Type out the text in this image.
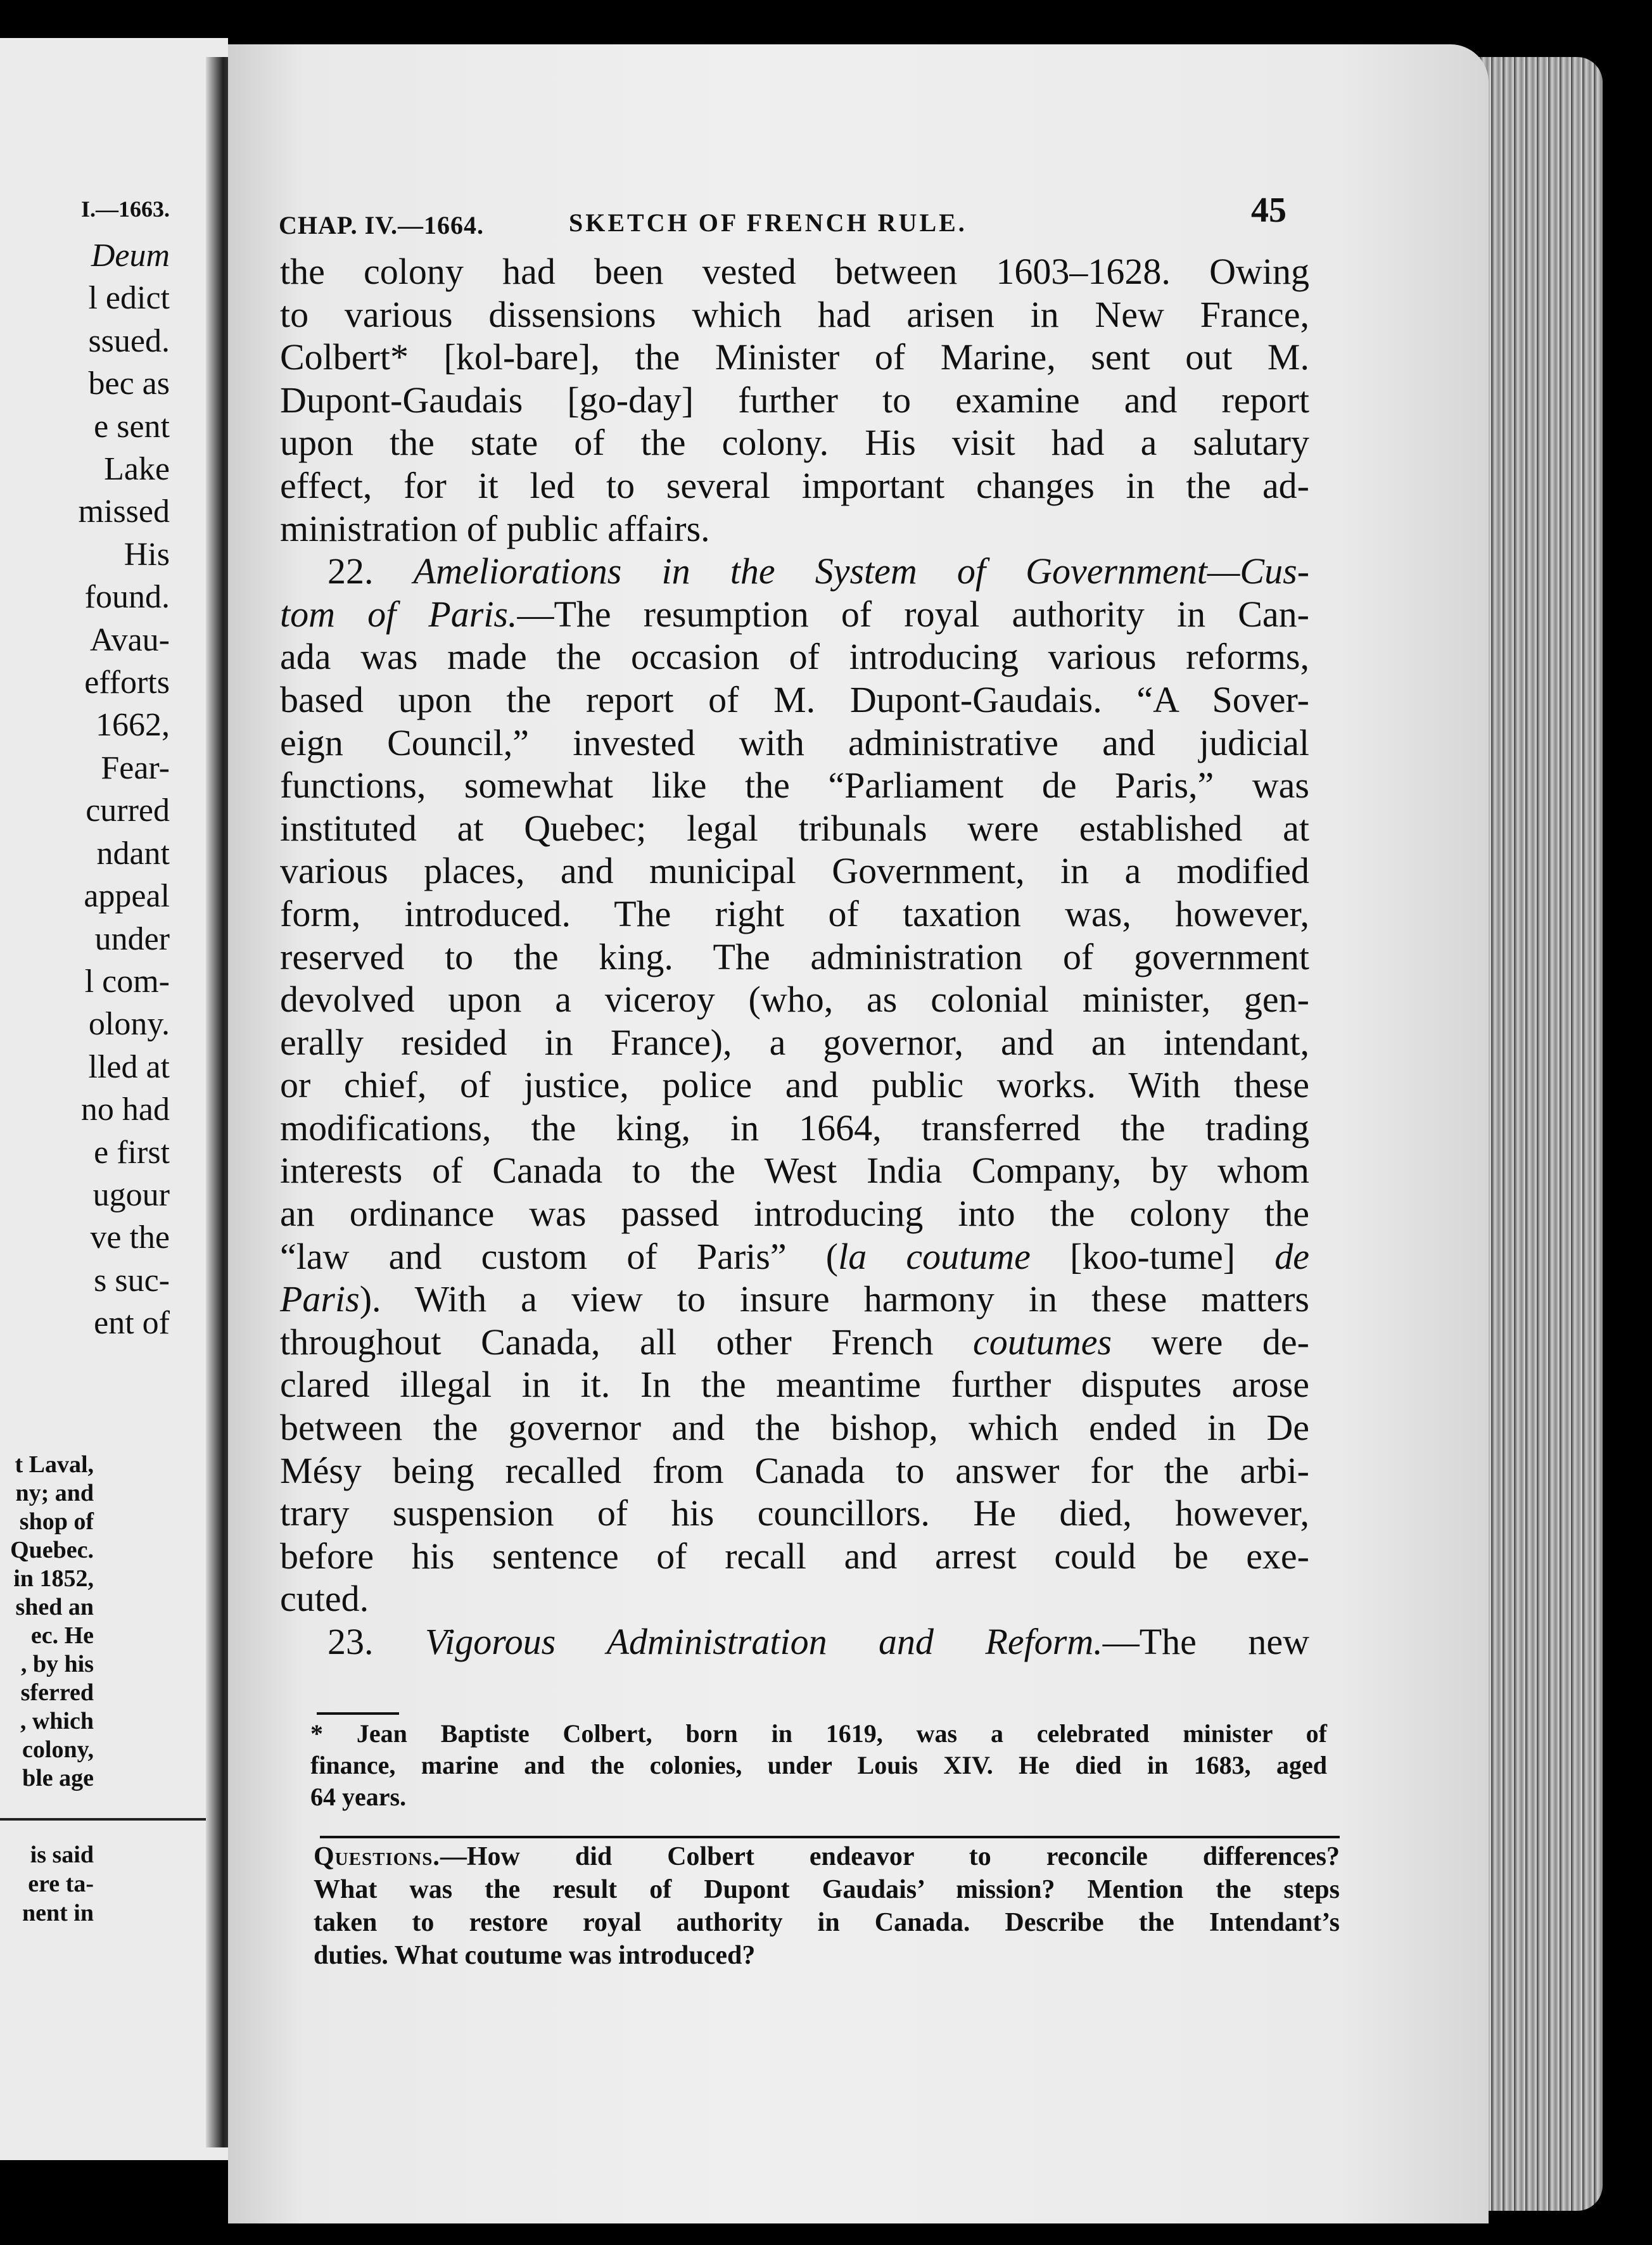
I.—1663.
Deum
l edict
ssued.
bec as
e sent
Lake
missed
His
found.
Avau-
efforts
1662,
Fear-
curred
ndant
appeal
under
l com-
olony.
lled at
no had
e first
ugour
ve the
s suc-
ent of
t Laval,
ny; and
shop of
Quebec.
in 1852,
shed an
ec. He
, by his
sferred
, which
colony,
ble age
is said
ere ta-
nent in
CHAP. IV.—1664.	SKETCH OF FRENCH RULE.	45
the colony had been vested between 1603–1628. Owing
to various dissensions which had arisen in New France,
Colbert* [kol-bare], the Minister of Marine, sent out M.
Dupont-Gaudais [go-day] further to examine and report
upon the state of the colony. His visit had a salutary
effect, for it led to several important changes in the ad-
ministration of public affairs.
22. Ameliorations in the System of Government—Cus-
tom of Paris.—The resumption of royal authority in Can-
ada was made the occasion of introducing various reforms,
based upon the report of M. Dupont-Gaudais. “A Sover-
eign Council,” invested with administrative and judicial
functions, somewhat like the “Parliament de Paris,” was
instituted at Quebec; legal tribunals were established at
various places, and municipal Government, in a modified
form, introduced. The right of taxation was, however,
reserved to the king. The administration of government
devolved upon a viceroy (who, as colonial minister, gen-
erally resided in France), a governor, and an intendant,
or chief, of justice, police and public works. With these
modifications, the king, in 1664, transferred the trading
interests of Canada to the West India Company, by whom
an ordinance was passed introducing into the colony the
“law and custom of Paris” (la coutume [koo-tume] de
Paris). With a view to insure harmony in these matters
throughout Canada, all other French coutumes were de-
clared illegal in it. In the meantime further disputes arose
between the governor and the bishop, which ended in De
Mésy being recalled from Canada to answer for the arbi-
trary suspension of his councillors. He died, however,
before his sentence of recall and arrest could be exe-
cuted.
23. Vigorous Administration and Reform.—The new
* Jean Baptiste Colbert, born in 1619, was a celebrated minister of
finance, marine and the colonies, under Louis XIV. He died in 1683, aged
64 years.
Questions.—How did Colbert endeavor to reconcile differences?
What was the result of Dupont Gaudais’ mission? Mention the steps
taken to restore royal authority in Canada. Describe the Intendant’s
duties. What coutume was introduced?
